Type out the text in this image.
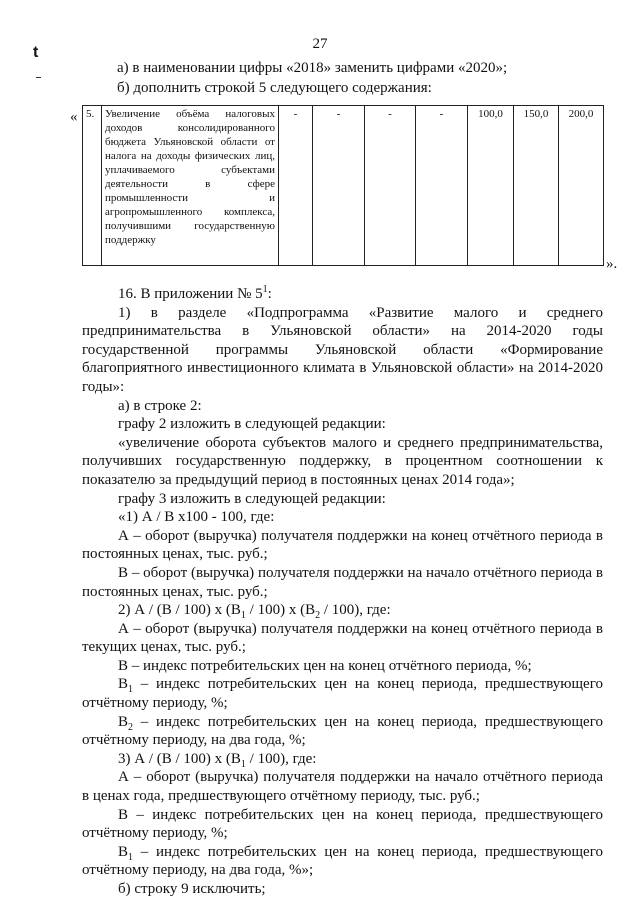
27
t
а) в наименовании цифры «2018» заменить цифрами «2020»;
б) дополнить строкой 5 следующего содержания:
« 5.	Увеличение объёма налоговых доходов консолидированного бюджета Ульяновской области от налога на доходы физических лиц, уплачиваемого субъектами деятельности в сфере промышленности и агропромышленного комплекса, получившими государственную поддержку	-	-	-	-	100,0	150,0	200,0
».

16. В приложении № $5^1$:

1) в разделе «Подпрограмма «Развитие малого и среднего предпринимательства в Ульяновской области» на 2014-2020 годы государственной программы Ульяновской области «Формирование благоприятного инвестиционного климата в Ульяновской области» на 2014-2020 годы»:

а) в строке 2:

графу 2 изложить в следующей редакции:

«увеличение оборота субъектов малого и среднего предпринимательства, получивших государственную поддержку, в процентном соотношении к показателю за предыдущий период в постоянных ценах 2014 года»;

графу 3 изложить в следующей редакции:

«1) А / В х100 - 100, где:

А – оборот (выручка) получателя поддержки на конец отчётного периода в постоянных ценах, тыс. руб.;

В – оборот (выручка) получателя поддержки на начало отчётного периода в постоянных ценах, тыс. руб.;

2) А / (В / 100) х $(В_1 / 100)$ х $(В_2 / 100)$, где:

А – оборот (выручка) получателя поддержки на конец отчётного периода в текущих ценах, тыс. руб.;

В – индекс потребительских цен на конец отчётного периода, %;

$В_1$ – индекс потребительских цен на конец периода, предшествующего отчётному периоду, %;

$В_2$ – индекс потребительских цен на конец периода, предшествующего отчётному периоду, на два года, %;

3) А / (В / 100) х $(В_1 / 100)$, где:

А – оборот (выручка) получателя поддержки на начало отчётного периода в ценах года, предшествующего отчётному периоду, тыс. руб.;

В – индекс потребительских цен на конец периода, предшествующего отчётному периоду, %;

$В_1$ – индекс потребительских цен на конец периода, предшествующего отчётному периоду, на два года, %»;

б) строку 9 исключить;
